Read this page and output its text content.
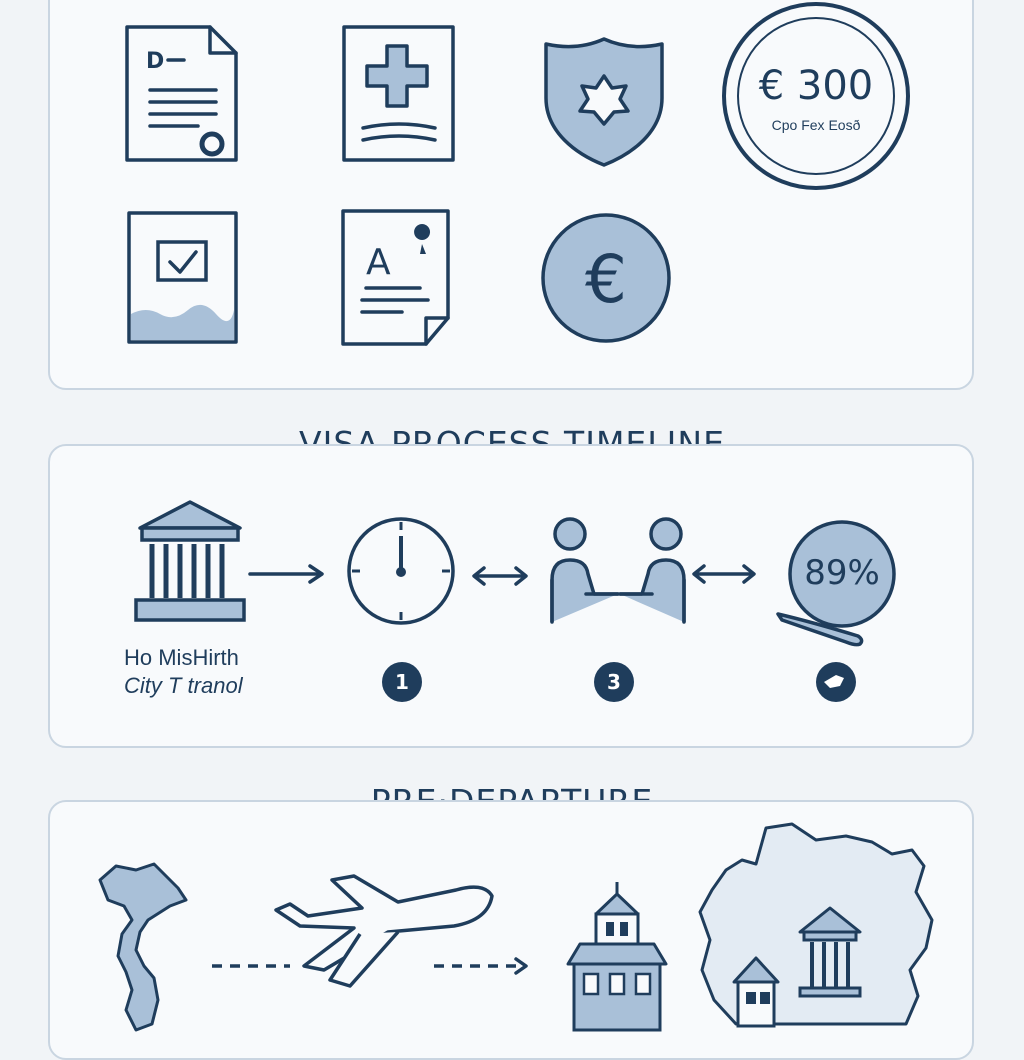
D
€ 300
Cpo Fex Eosð
A	€
Ho MisHirth
City T tranol
89%
1	3
